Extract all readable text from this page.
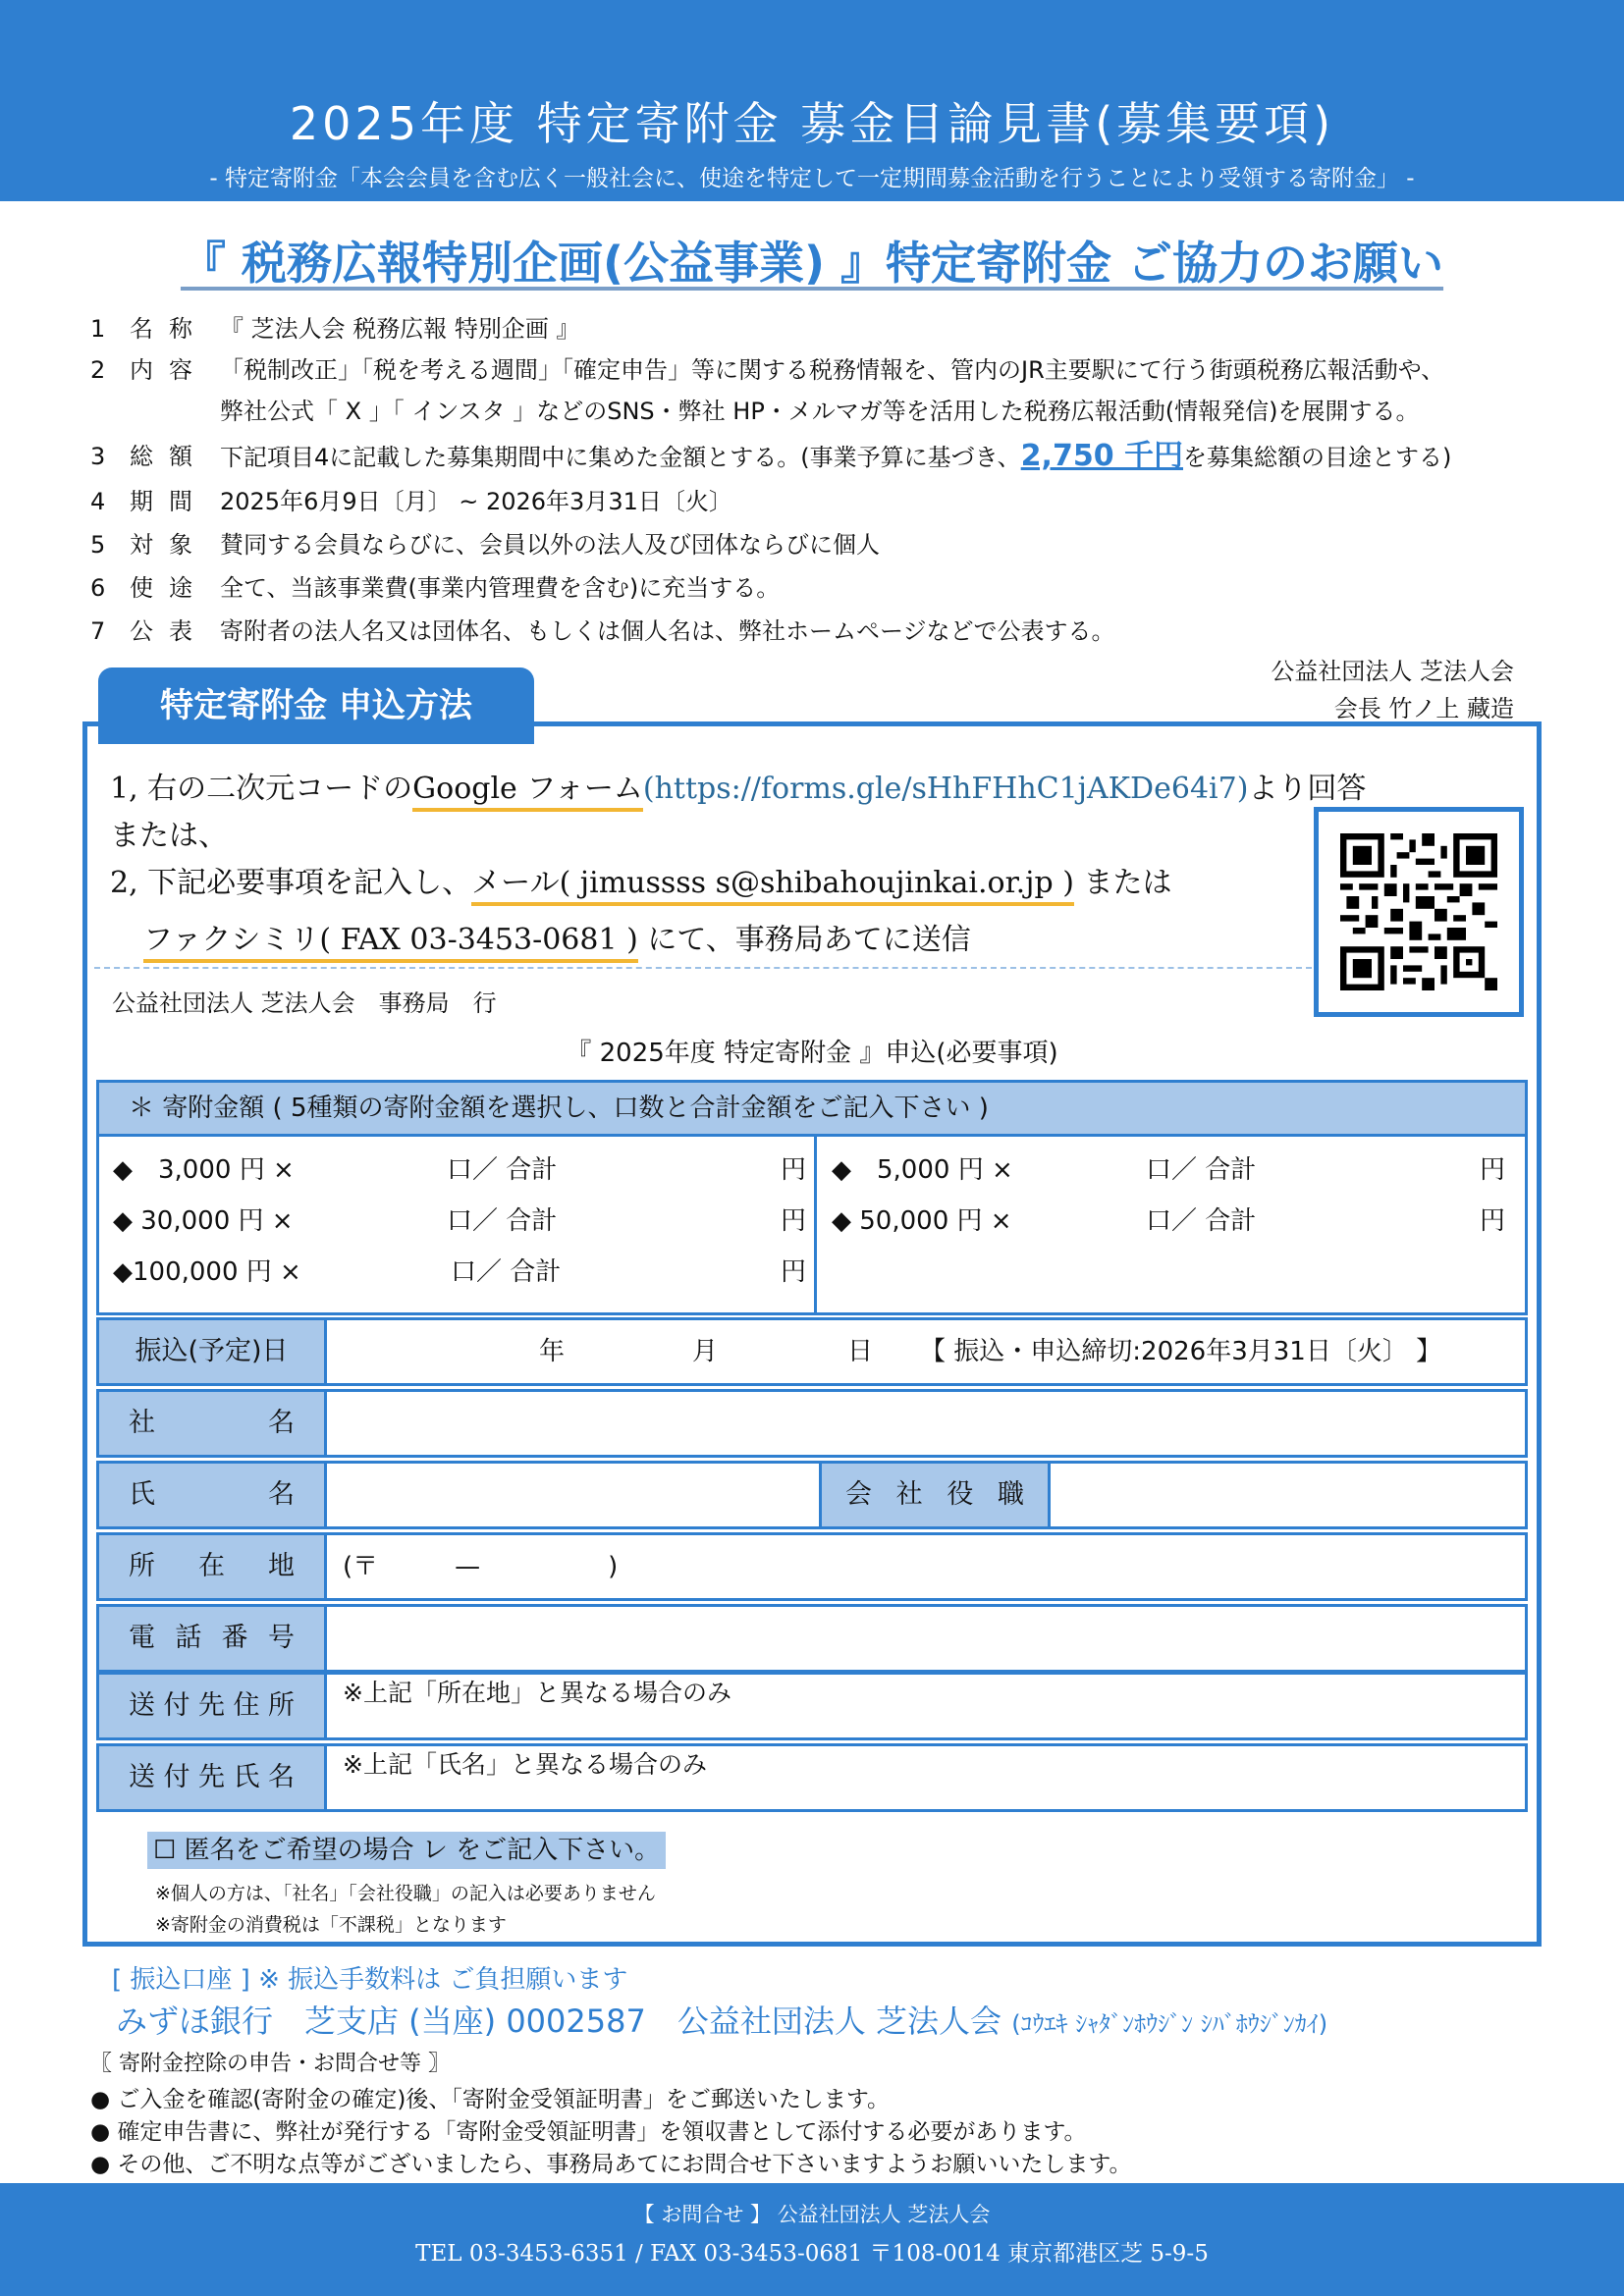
2025年度 特定寄附金 募金目論見書(募集要項)
- 特定寄附金「本会会員を含む広く一般社会に、使途を特定して一定期間募金活動を行うことにより受領する寄附金」 -
『 税務広報特別企画(公益事業) 』特定寄附金 ご協力のお願い
1	名称 『 芝法人会 税務広報 特別企画 』
2	内容 「税制改正」「税を考える週間」「確定申告」等に関する税務情報を、管内のJR主要駅にて行う街頭税務広報活動や、
弊社公式「 X 」「 インスタ 」などのSNS・弊社 HP・メルマガ等を活用した税務広報活動(情報発信)を展開する。
3	総額 下記項目4に記載した募集期間中に集めた金額とする。(事業予算に基づき、2,750 千円を募集総額の目途とする)
4	期間 2025年6月9日〔月〕 ~ 2026年3月31日〔火〕
5	対象 賛同する会員ならびに、会員以外の法人及び団体ならびに個人
6	使途 全て、当該事業費(事業内管理費を含む)に充当する。
7	公表 寄附者の法人名又は団体名、もしくは個人名は、弊社ホームページなどで公表する。
公益社団法人 芝法人会
会長 竹ノ上 藏造
特定寄附金 申込方法
1, 右の二次元コードのGoogle フォーム(https://forms.gle/sHhFHhC1jAKDe64i7)より回答
または、
2, 下記必要事項を記入し、メール( jimussss s@shibahoujinkai.or.jp ) または
ファクシミリ( FAX 03-3453-0681 ) にて、事務局あてに送信
公益社団法人 芝法人会　事務局　行
『 2025年度 特定寄附金 』申込(必要事項)
＊ 寄附金額 ( 5種類の寄附金額を選択し、口数と合計金額をご記入下さい )
◆　3,000 円 ×	口／ 合計	円
◆ 30,000 円 ×	口／ 合計	円
◆100,000 円 ×	口／ 合計	円
◆　5,000 円 ×	口／ 合計	円
◆ 50,000 円 ×	口／ 合計	円
振込(予定)日	年	月	日 【 振込・申込締切:2026年3月31日〔火〕 】
社名
氏名	会社役職
所在地	(〒　　　—　　　　　)
電話番号
送付先住所	※上記「所在地」と異なる場合のみ
送付先氏名	※上記「氏名」と異なる場合のみ
☐ 匿名をご希望の場合 レ をご記入下さい。
※個人の方は、「社名」「会社役職」の記入は必要ありません
※寄附金の消費税は「不課税」となります
[ 振込口座 ] ※ 振込手数料は ご負担願います
みずほ銀行　芝支店 (当座) 0002587　公益社団法人 芝法人会 (ｺｳｴｷ ｼｬﾀﾞﾝﾎｳｼﾞﾝ ｼﾊﾞﾎｳｼﾞﾝｶｲ)
〖 寄附金控除の申告・お問合せ等 〗
● ご入金を確認(寄附金の確定)後、「寄附金受領証明書」をご郵送いたします。
● 確定申告書に、弊社が発行する「寄附金受領証明書」を領収書として添付する必要があります。
● その他、ご不明な点等がございましたら、事務局あてにお問合せ下さいますようお願いいたします。
【 お問合せ 】 公益社団法人 芝法人会
TEL 03-3453-6351 / FAX 03-3453-0681 〒108-0014 東京都港区芝 5-9-5
